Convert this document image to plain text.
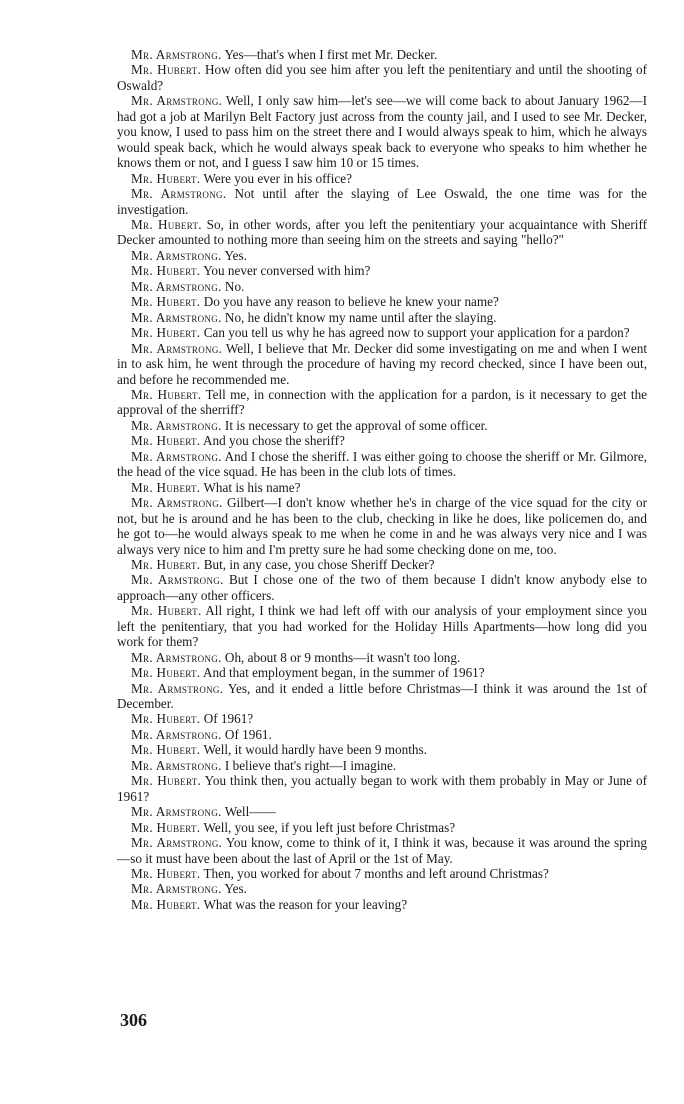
Mr. Armstrong. Yes—that's when I first met Mr. Decker.

Mr. Hubert. How often did you see him after you left the penitentiary and until the shooting of Oswald?

Mr. Armstrong. Well, I only saw him—let's see—we will come back to about January 1962—I had got a job at Marilyn Belt Factory just across from the county jail, and I used to see Mr. Decker, you know, I used to pass him on the street there and I would always speak to him, which he always would speak back, which he would always speak back to everyone who speaks to him whether he knows them or not, and I guess I saw him 10 or 15 times.

Mr. Hubert. Were you ever in his office?

Mr. Armstrong. Not until after the slaying of Lee Oswald, the one time was for the investigation.

Mr. Hubert. So, in other words, after you left the penitentiary your acquaintance with Sheriff Decker amounted to nothing more than seeing him on the streets and saying "hello?"

Mr. Armstrong. Yes.

Mr. Hubert. You never conversed with him?

Mr. Armstrong. No.

Mr. Hubert. Do you have any reason to believe he knew your name?

Mr. Armstrong. No, he didn't know my name until after the slaying.

Mr. Hubert. Can you tell us why he has agreed now to support your application for a pardon?

Mr. Armstrong. Well, I believe that Mr. Decker did some investigating on me and when I went in to ask him, he went through the procedure of having my record checked, since I have been out, and before he recommended me.

Mr. Hubert. Tell me, in connection with the application for a pardon, is it necessary to get the approval of the sherriff?

Mr. Armstrong. It is necessary to get the approval of some officer.

Mr. Hubert. And you chose the sheriff?

Mr. Armstrong. And I chose the sheriff. I was either going to choose the sheriff or Mr. Gilmore, the head of the vice squad. He has been in the club lots of times.

Mr. Hubert. What is his name?

Mr. Armstrong. Gilbert—I don't know whether he's in charge of the vice squad for the city or not, but he is around and he has been to the club, checking in like he does, like policemen do, and he got to—he would always speak to me when he come in and he was always very nice and I was always very nice to him and I'm pretty sure he had some checking done on me, too.

Mr. Hubert. But, in any case, you chose Sheriff Decker?

Mr. Armstrong. But I chose one of the two of them because I didn't know anybody else to approach—any other officers.

Mr. Hubert. All right, I think we had left off with our analysis of your employment since you left the penitentiary, that you had worked for the Holiday Hills Apartments—how long did you work for them?

Mr. Armstrong. Oh, about 8 or 9 months—it wasn't too long.

Mr. Hubert. And that employment began, in the summer of 1961?

Mr. Armstrong. Yes, and it ended a little before Christmas—I think it was around the 1st of December.

Mr. Hubert. Of 1961?

Mr. Armstrong. Of 1961.

Mr. Hubert. Well, it would hardly have been 9 months.

Mr. Armstrong. I believe that's right—I imagine.

Mr. Hubert. You think then, you actually began to work with them probably in May or June of 1961?

Mr. Armstrong. Well——

Mr. Hubert. Well, you see, if you left just before Christmas?

Mr. Armstrong. You know, come to think of it, I think it was, because it was around the spring—so it must have been about the last of April or the 1st of May.

Mr. Hubert. Then, you worked for about 7 months and left around Christmas?

Mr. Armstrong. Yes.

Mr. Hubert. What was the reason for your leaving?

306
